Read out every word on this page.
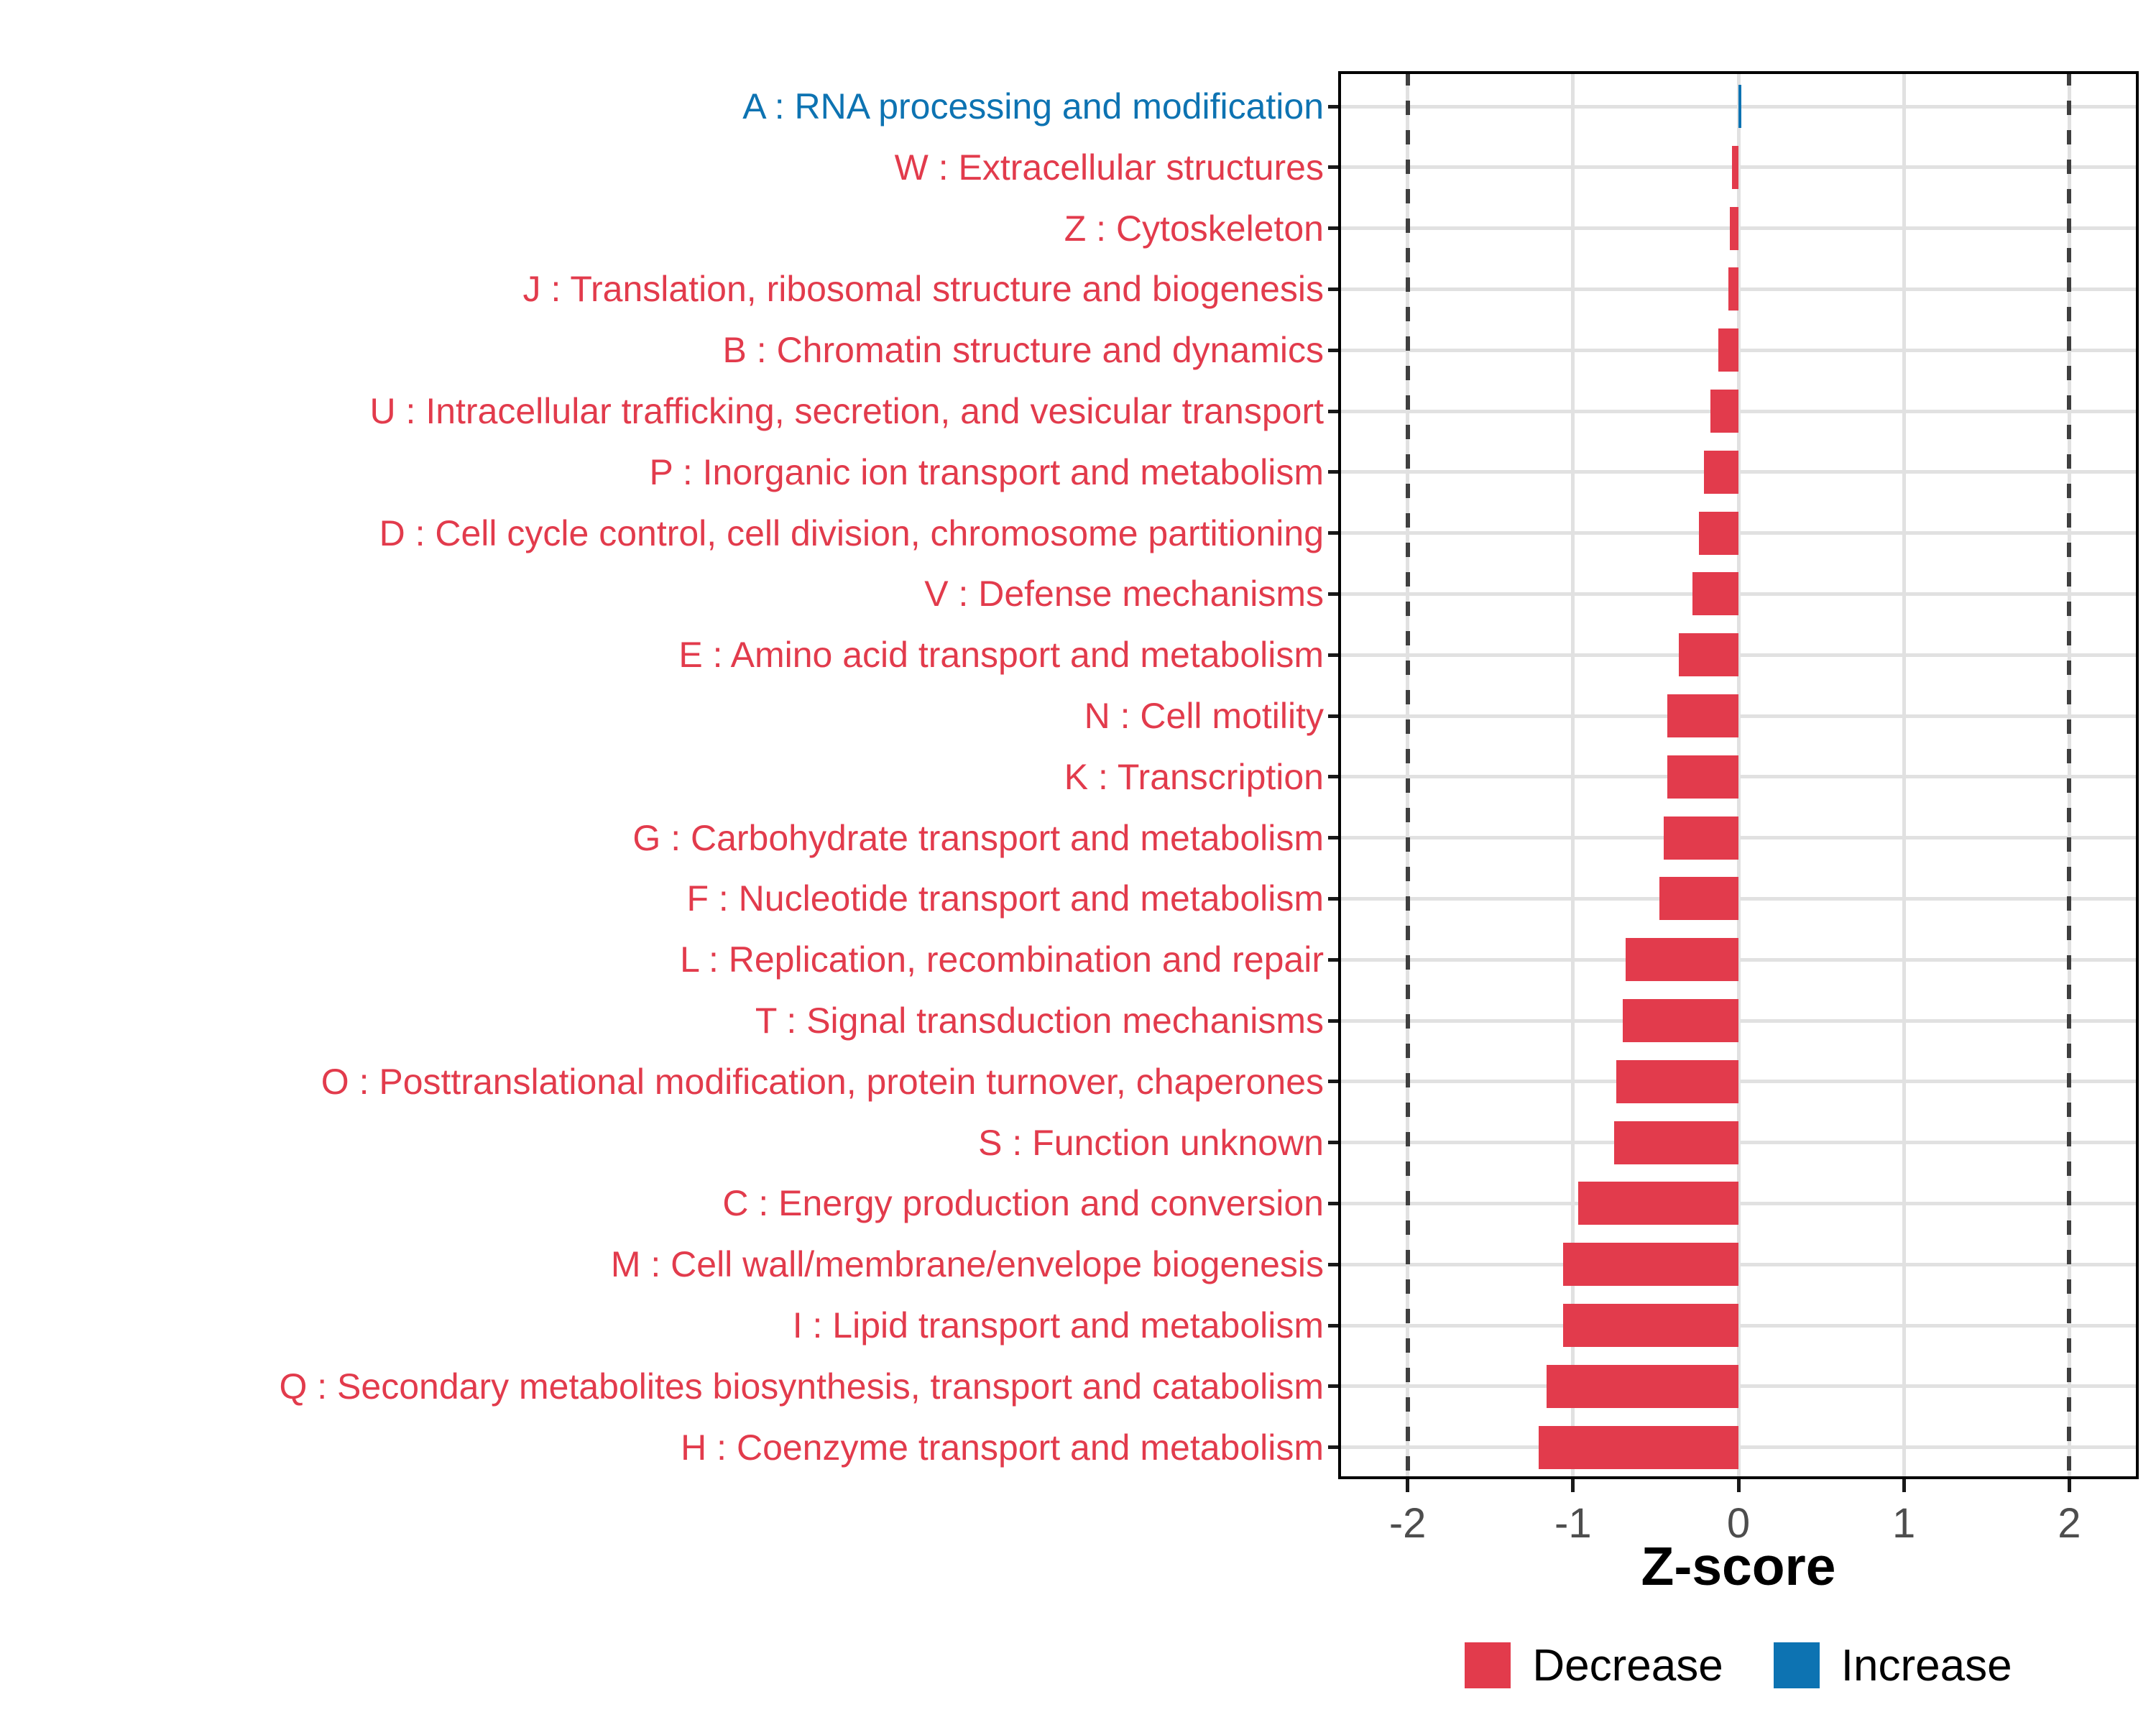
Z-score
Decrease	Increase
A : RNA processing and modification
W : Extracellular structures
Z : Cytoskeleton
J : Translation, ribosomal structure and biogenesis
B : Chromatin structure and dynamics
U : Intracellular trafficking, secretion, and vesicular transport
P : Inorganic ion transport and metabolism
D : Cell cycle control, cell division, chromosome partitioning
V : Defense mechanisms
E : Amino acid transport and metabolism
N : Cell motility
K : Transcription
G : Carbohydrate transport and metabolism
F : Nucleotide transport and metabolism
L : Replication, recombination and repair
T : Signal transduction mechanisms
O : Posttranslational modification, protein turnover, chaperones
S : Function unknown
C : Energy production and conversion
M : Cell wall/membrane/envelope biogenesis
I : Lipid transport and metabolism
Q : Secondary metabolites biosynthesis, transport and catabolism
H : Coenzyme transport and metabolism
-2	-1	0	1	2
